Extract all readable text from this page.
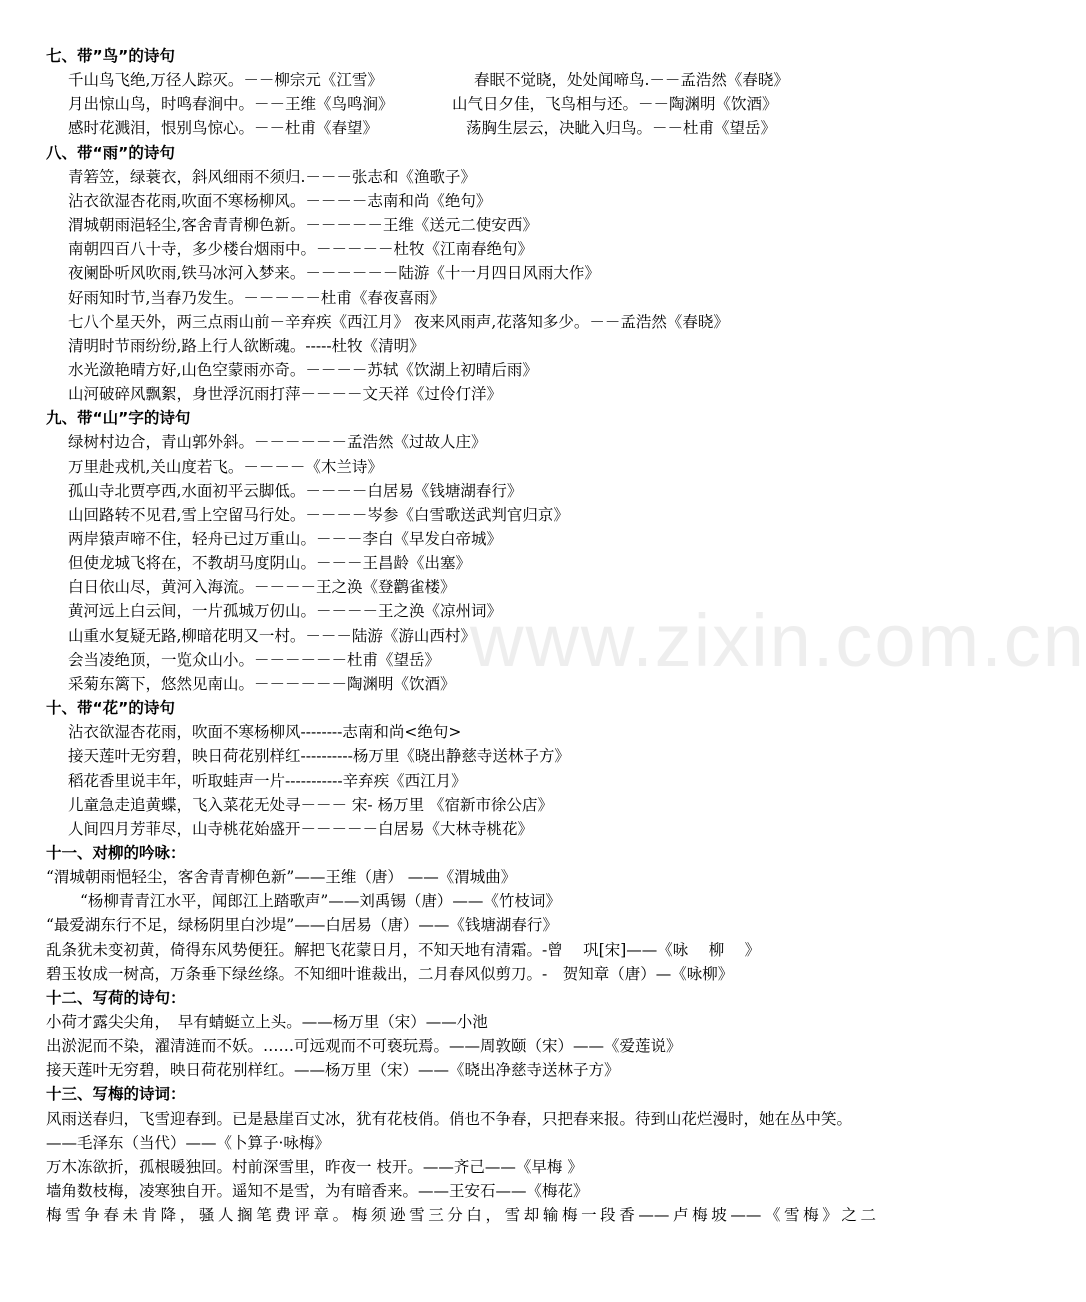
www.zixin.com.cn
七、带”鸟”的诗句
千山鸟飞绝,万径人踪灭。－－柳宗元《江雪》	春眠不觉晓，处处闻啼鸟.－－孟浩然《春晓》
月出惊山鸟，时鸣春涧中。－－王维《鸟鸣涧》	山气日夕佳，飞鸟相与还。－－陶渊明《饮酒》
感时花溅泪，恨别鸟惊心。－－杜甫《春望》	荡胸生层云，决眦入归鸟。－－杜甫《望岳》
八、带“雨”的诗句
青箬笠，绿蓑衣，斜风细雨不须归.－－－张志和《渔歌子》
沾衣欲湿杏花雨,吹面不寒杨柳风。－－－－志南和尚《绝句》
渭城朝雨浥轻尘,客舍青青柳色新。－－－－－王维《送元二使安西》
南朝四百八十寺，多少楼台烟雨中。－－－－－杜牧《江南春绝句》
夜阑卧听风吹雨,铁马冰河入梦来。－－－－－－陆游《十一月四日风雨大作》
好雨知时节,当春乃发生。－－－－－杜甫《春夜喜雨》
七八个星天外，两三点雨山前－辛弃疾《西江月》 夜来风雨声,花落知多少。－－孟浩然《春晓》
清明时节雨纷纷,路上行人欲断魂。-----杜牧《清明》
水光潋艳晴方好,山色空蒙雨亦奇。－－－－苏轼《饮湖上初晴后雨》
山河破碎风飘絮，身世浮沉雨打萍－－－－文天祥《过伶仃洋》
九、带“山”字的诗句
绿树村边合，青山郭外斜。－－－－－－孟浩然《过故人庄》
万里赴戎机,关山度若飞。－－－－《木兰诗》
孤山寺北贾亭西,水面初平云脚低。－－－－白居易《钱塘湖春行》
山回路转不见君,雪上空留马行处。－－－－岑参《白雪歌送武判官归京》
两岸猿声啼不住，轻舟已过万重山。－－－李白《早发白帝城》
但使龙城飞将在，不教胡马度阴山。－－－王昌龄《出塞》
白日依山尽，黄河入海流。－－－－王之涣《登鹳雀楼》
黄河远上白云间，一片孤城万仞山。－－－－王之涣《凉州词》
山重水复疑无路,柳暗花明又一村。－－－陆游《游山西村》
会当凌绝顶，一览众山小。－－－－－－杜甫《望岳》
采菊东篱下，悠然见南山。－－－－－－陶渊明《饮酒》
十、带“花”的诗句
沾衣欲湿杏花雨，吹面不寒杨柳风--------志南和尚<绝句>
接天莲叶无穷碧，映日荷花别样红----------杨万里《晓出静慈寺送林子方》
稻花香里说丰年，听取蛙声一片-----------辛弃疾《西江月》
儿童急走追黄蝶，飞入菜花无处寻－－－ 宋- 杨万里 《宿新市徐公店》
人间四月芳菲尽，山寺桃花始盛开－－－－－白居易《大林寺桃花》
十一、对柳的吟咏：
“渭城朝雨悒轻尘，客舍青青柳色新”——王维（唐） ——《渭城曲》
“杨柳青青江水平，闻郎江上踏歌声”——刘禹锡（唐）——《竹枝词》
“最爱湖东行不足，绿杨阴里白沙堤”——白居易（唐）——《钱塘湖春行》
乱条犹未变初黄，倚得东风势便狂。解把飞花蒙日月，不知天地有清霜。-曾　 巩[宋]——《咏　 柳　 》
碧玉妆成一树高，万条垂下绿丝绦。不知细叶谁裁出，二月春风似剪刀。-　贺知章（唐）—《咏柳》
十二、写荷的诗句：
小荷才露尖尖角，　早有蜻蜓立上头。——杨万里（宋）——小池
出淤泥而不染，濯清涟而不妖。……可远观而不可亵玩焉。——周敦颐（宋）——《爱莲说》
接天莲叶无穷碧，映日荷花别样红。——杨万里（宋）——《晓出净慈寺送林子方》
十三、写梅的诗词：
风雨送春归，飞雪迎春到。已是悬崖百丈冰，犹有花枝俏。俏也不争春，只把春来报。待到山花烂漫时，她在丛中笑。
——毛泽东（当代）——《卜算子·咏梅》
万木冻欲折，孤根暖独回。村前深雪里，昨夜一 枝开。——齐己——《早梅 》
墙角数枝梅，凌寒独自开。遥知不是雪，为有暗香来。——王安石——《梅花》
梅雪争春未肯降，骚人搁笔费评章。梅须逊雪三分白，雪却输梅一段香——卢梅坡——《雪梅》之二
